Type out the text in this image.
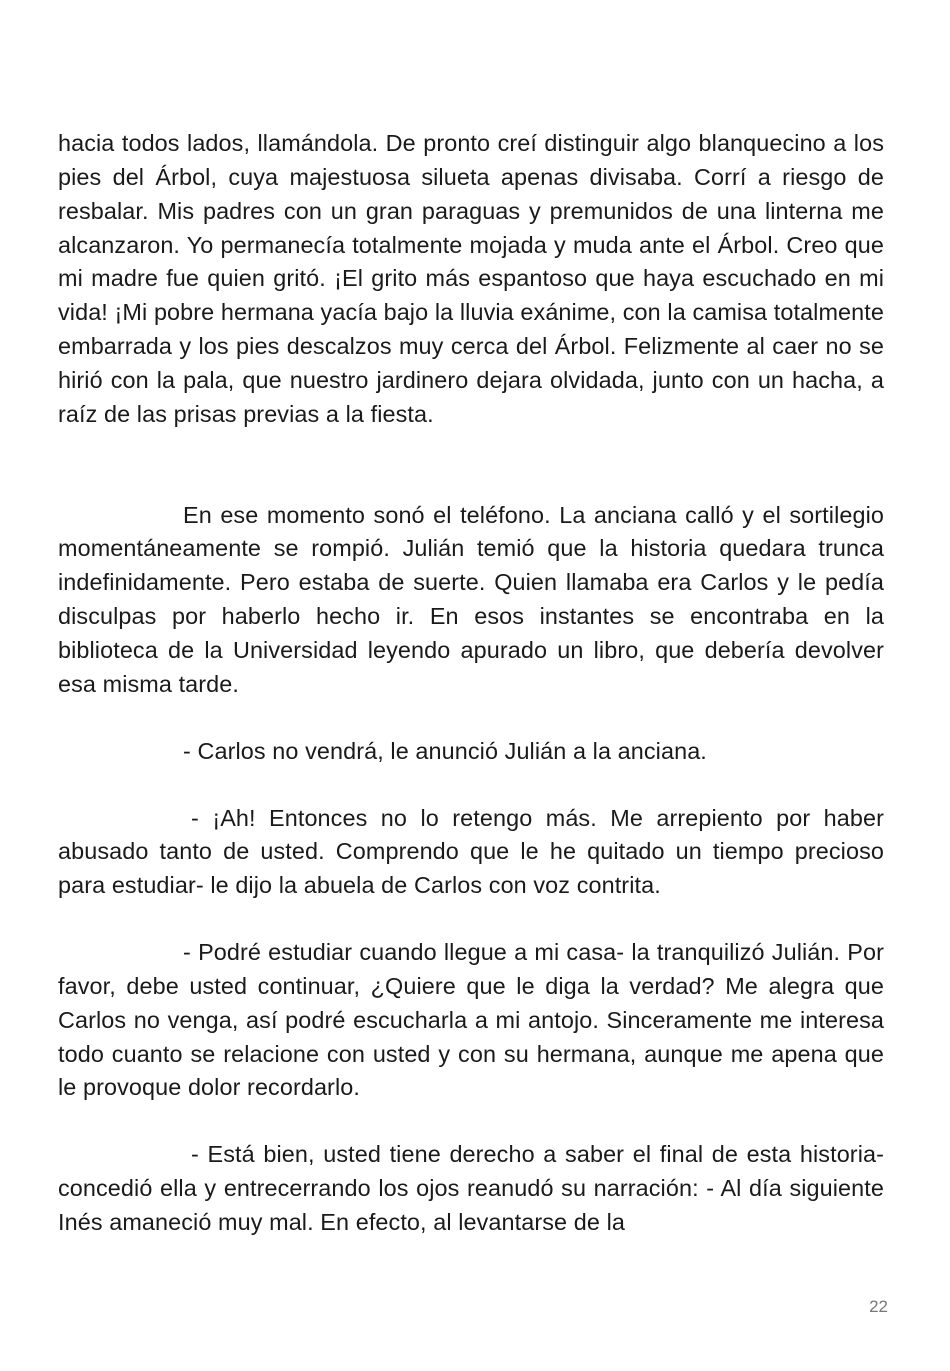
hacia todos lados, llamándola. De pronto creí distinguir algo blanquecino a los pies del Árbol, cuya majestuosa silueta apenas divisaba. Corrí a riesgo de resbalar. Mis padres con un gran paraguas y premunidos de una linterna me alcanzaron. Yo permanecía totalmente mojada y muda ante el Árbol. Creo que mi madre fue quien gritó. ¡El grito más espantoso que haya escuchado en mi vida! ¡Mi pobre hermana yacía bajo la lluvia exánime, con la camisa totalmente embarrada y los pies descalzos muy cerca del Árbol. Felizmente al caer no se hirió con la pala, que nuestro jardinero dejara olvidada, junto con un hacha, a raíz de las prisas previas a la fiesta.

En ese momento sonó el teléfono. La anciana calló y el sortilegio momentáneamente se rompió. Julián temió que la historia quedara trunca indefinidamente. Pero estaba de suerte. Quien llamaba era Carlos y le pedía disculpas por haberlo hecho ir. En esos instantes se encontraba en la biblioteca de la Universidad leyendo apurado un libro, que debería devolver esa misma tarde.

- Carlos no vendrá, le anunció Julián a la anciana.

- ¡Ah! Entonces no lo retengo más. Me arrepiento por haber abusado tanto de usted. Comprendo que le he quitado un tiempo precioso para estudiar- le dijo la abuela de Carlos con voz contrita.

- Podré estudiar cuando llegue a mi casa- la tranquilizó Julián. Por favor, debe usted continuar, ¿Quiere que le diga la verdad? Me alegra que Carlos no venga, así podré escucharla a mi antojo. Sinceramente me interesa todo cuanto se relacione con usted y con su hermana, aunque me apena que le provoque dolor recordarlo.

- Está bien, usted tiene derecho a saber el final de esta historia- concedió ella y entrecerrando los ojos reanudó su narración: - Al día siguiente Inés amaneció muy mal. En efecto, al levantarse de la

22
